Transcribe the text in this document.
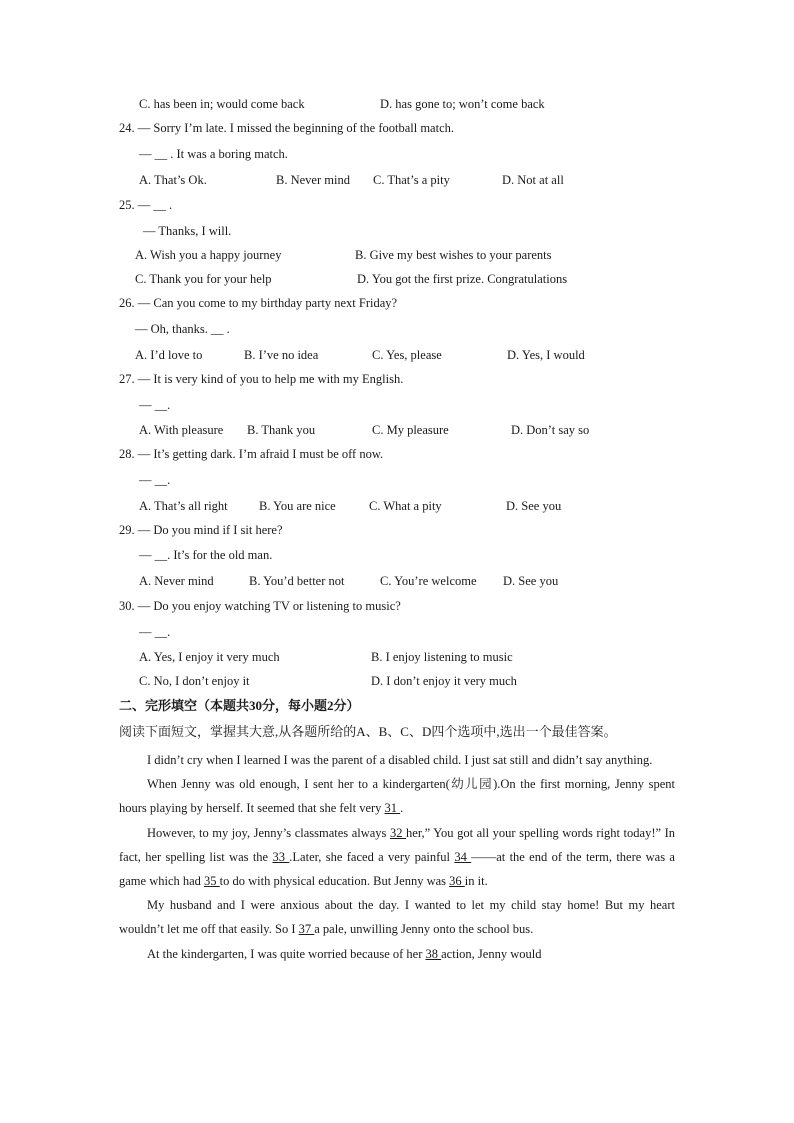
C. has been in; would come back	D. has gone to; won’t come back
24. — Sorry I’m late. I missed the beginning of the football match.
— __ . It was a boring match.
A. That’s Ok.	B. Never mind C. That’s a pity	D. Not at all
25. — __ .
— Thanks, I will.
A. Wish you a happy journey	B. Give my best wishes to your parents
C. Thank you for your help	D. You got the first prize. Congratulations
26. — Can you come to my birthday party next Friday?
— Oh, thanks. __ .
A. I’d love to	B. I’ve no idea	C. Yes, please	D. Yes, I would
27. — It is very kind of you to help me with my English.
— __.
A. With pleasure B. Thank you	C. My pleasure	D. Don’t say so
28. — It’s getting dark. I’m afraid I must be off now.
— __.
A. That’s all right	B. You are nice	C. What a pity	D. See you
29. — Do you mind if I sit here?
— __. It’s for the old man.
A. Never mind	B. You’d better not	C. You’re welcome D. See you
30. — Do you enjoy watching TV or listening to music?
— __.
A. Yes, I enjoy it very much	B. I enjoy listening to music
C. No, I don’t enjoy it	D. I don’t enjoy it very much
二、完形填空（本题共30分，每小题2分）
阅读下面短文，掌握其大意,从各题所给的A、B、C、D四个选项中,选出一个最佳答案。

I didn’t cry when I learned I was the parent of a disabled child. I just sat still and didn’t say anything.

When Jenny was old enough, I sent her to a kindergarten(幼儿园).On the first morning, Jenny spent hours playing by herself. It seemed that she felt very 31 .

However, to my joy, Jenny’s classmates always 32 her,” You got all your spelling words right today!” In fact, her spelling list was the 33 .Later, she faced a very painful 34 ——at the end of the term, there was a game which had 35 to do with physical education. But Jenny was 36 in it.

My husband and I were anxious about the day. I wanted to let my child stay home! But my heart wouldn’t let me off that easily. So I 37 a pale, unwilling Jenny onto the school bus.

At the kindergarten, I was quite worried because of her 38 action, Jenny would
